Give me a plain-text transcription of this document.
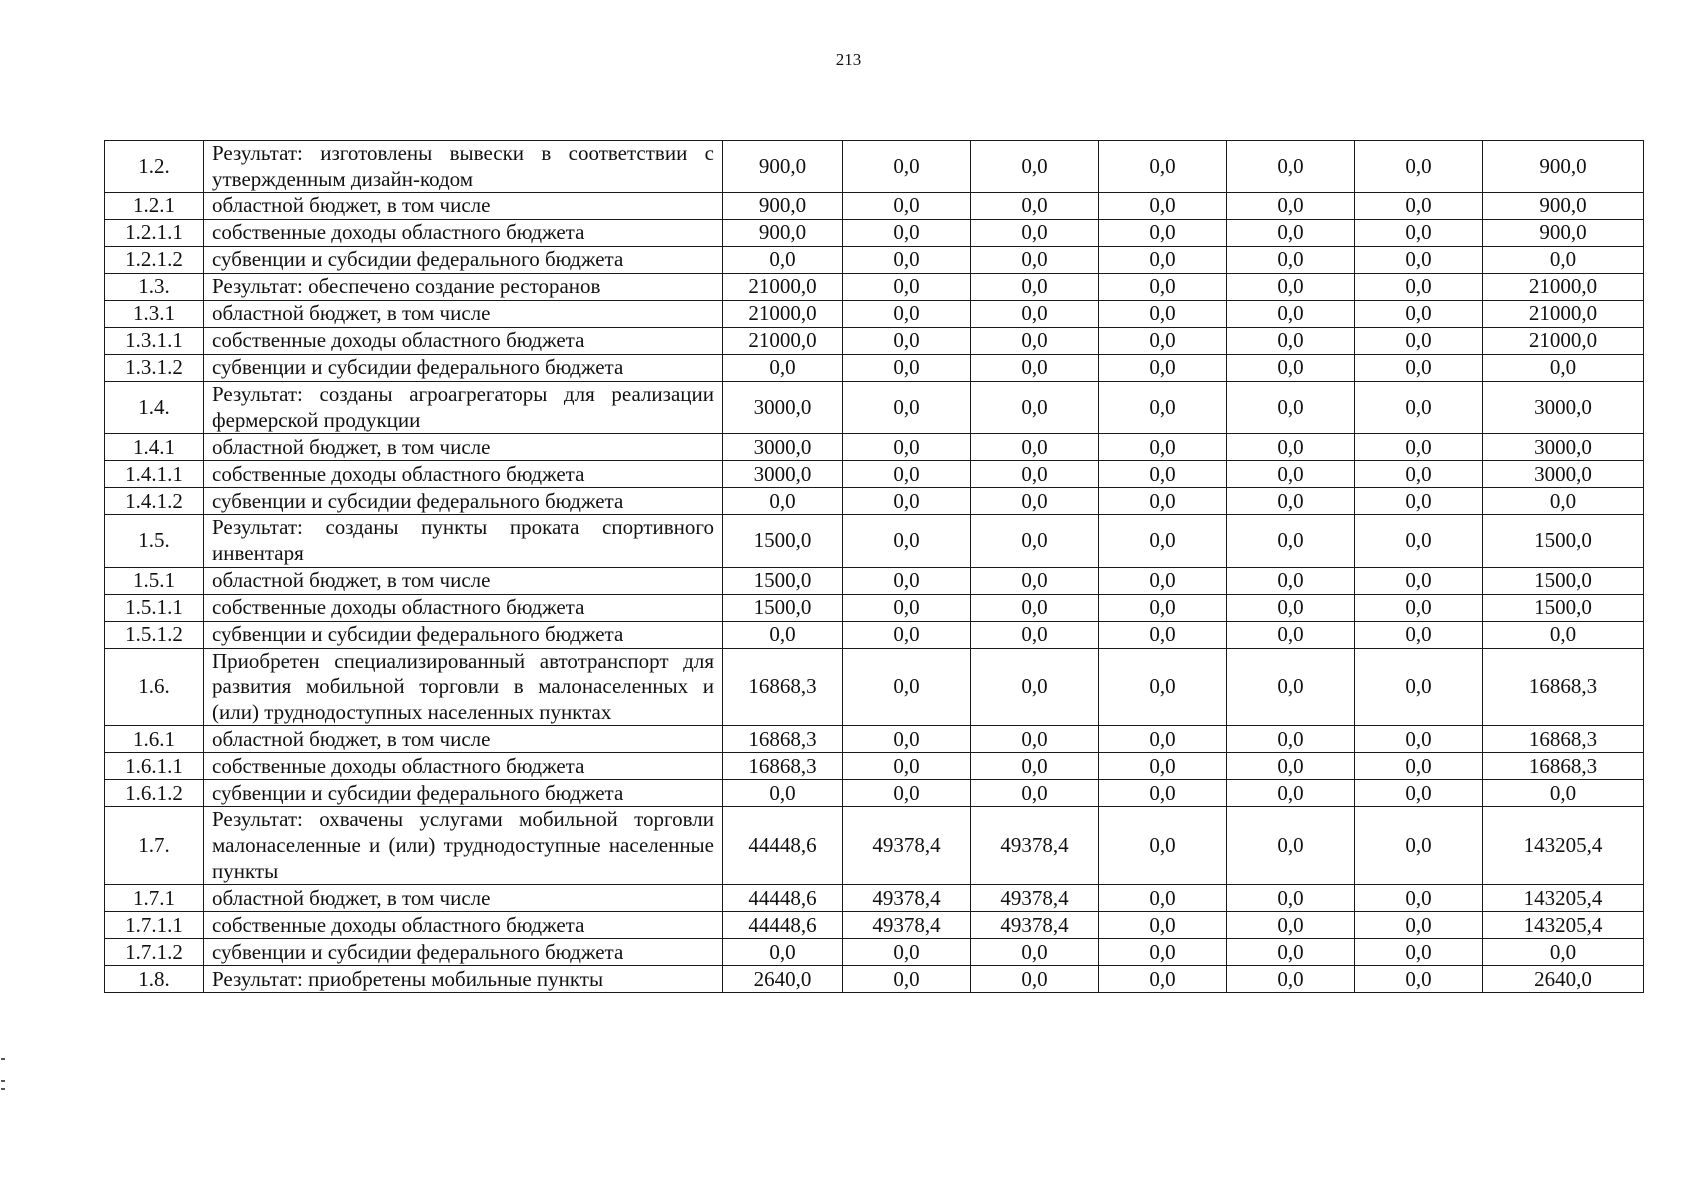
213
1.2.	Результат: изготовлены вывески в соответствии с утвержденным дизайн-кодом	900,0	0,0	0,0	0,0	0,0	0,0	900,0
1.2.1	областной бюджет, в том числе	900,0	0,0	0,0	0,0	0,0	0,0	900,0
1.2.1.1	собственные доходы областного бюджета	900,0	0,0	0,0	0,0	0,0	0,0	900,0
1.2.1.2	субвенции и субсидии федерального бюджета	0,0	0,0	0,0	0,0	0,0	0,0	0,0
1.3.	Результат: обеспечено создание ресторанов	21000,0	0,0	0,0	0,0	0,0	0,0	21000,0
1.3.1	областной бюджет, в том числе	21000,0	0,0	0,0	0,0	0,0	0,0	21000,0
1.3.1.1	собственные доходы областного бюджета	21000,0	0,0	0,0	0,0	0,0	0,0	21000,0
1.3.1.2	субвенции и субсидии федерального бюджета	0,0	0,0	0,0	0,0	0,0	0,0	0,0
1.4.	Результат: созданы агроагрегаторы для реализации фермерской продукции	3000,0	0,0	0,0	0,0	0,0	0,0	3000,0
1.4.1	областной бюджет, в том числе	3000,0	0,0	0,0	0,0	0,0	0,0	3000,0
1.4.1.1	собственные доходы областного бюджета	3000,0	0,0	0,0	0,0	0,0	0,0	3000,0
1.4.1.2	субвенции и субсидии федерального бюджета	0,0	0,0	0,0	0,0	0,0	0,0	0,0
1.5.	Результат: созданы пункты проката спортивного инвентаря	1500,0	0,0	0,0	0,0	0,0	0,0	1500,0
1.5.1	областной бюджет, в том числе	1500,0	0,0	0,0	0,0	0,0	0,0	1500,0
1.5.1.1	собственные доходы областного бюджета	1500,0	0,0	0,0	0,0	0,0	0,0	1500,0
1.5.1.2	субвенции и субсидии федерального бюджета	0,0	0,0	0,0	0,0	0,0	0,0	0,0
1.6.	Приобретен специализированный автотранспорт для развития мобильной торговли в малонаселенных и (или) труднодоступных населенных пунктах	16868,3	0,0	0,0	0,0	0,0	0,0	16868,3
1.6.1	областной бюджет, в том числе	16868,3	0,0	0,0	0,0	0,0	0,0	16868,3
1.6.1.1	собственные доходы областного бюджета	16868,3	0,0	0,0	0,0	0,0	0,0	16868,3
1.6.1.2	субвенции и субсидии федерального бюджета	0,0	0,0	0,0	0,0	0,0	0,0	0,0
1.7.	Результат: охвачены услугами мобильной торговли малонаселенные и (или) труднодоступные населенные пункты	44448,6	49378,4	49378,4	0,0	0,0	0,0	143205,4
1.7.1	областной бюджет, в том числе	44448,6	49378,4	49378,4	0,0	0,0	0,0	143205,4
1.7.1.1	собственные доходы областного бюджета	44448,6	49378,4	49378,4	0,0	0,0	0,0	143205,4
1.7.1.2	субвенции и субсидии федерального бюджета	0,0	0,0	0,0	0,0	0,0	0,0	0,0
1.8.	Результат: приобретены мобильные пункты	2640,0	0,0	0,0	0,0	0,0	0,0	2640,0
